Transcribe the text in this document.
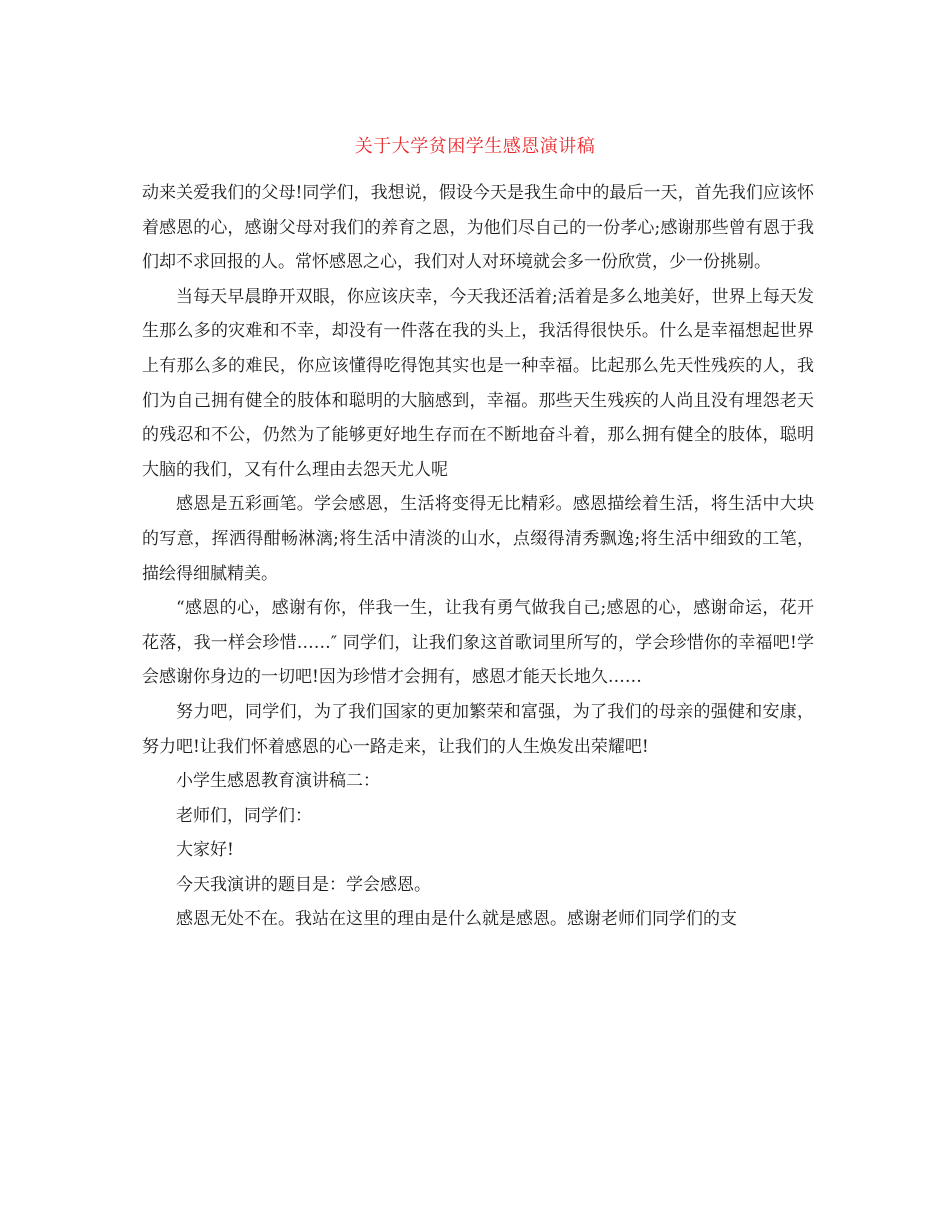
关于大学贫困学生感恩演讲稿

动来关爱我们的父母!同学们，我想说，假设今天是我生命中的最后一天，首先我们应该怀着感恩的心，感谢父母对我们的养育之恩，为他们尽自己的一份孝心;感谢那些曾有恩于我们却不求回报的人。常怀感恩之心，我们对人对环境就会多一份欣赏，少一份挑剔。

当每天早晨睁开双眼，你应该庆幸，今天我还活着;活着是多么地美好，世界上每天发生那么多的灾难和不幸，却没有一件落在我的头上，我活得很快乐。什么是幸福想起世界上有那么多的难民，你应该懂得吃得饱其实也是一种幸福。比起那么先天性残疾的人，我们为自己拥有健全的肢体和聪明的大脑感到，幸福。那些天生残疾的人尚且没有埋怨老天的残忍和不公，仍然为了能够更好地生存而在不断地奋斗着，那么拥有健全的肢体，聪明大脑的我们，又有什么理由去怨天尤人呢

感恩是五彩画笔。学会感恩，生活将变得无比精彩。感恩描绘着生活，将生活中大块的写意，挥洒得酣畅淋漓;将生活中清淡的山水，点缀得清秀飘逸;将生活中细致的工笔，描绘得细腻精美。

“感恩的心，感谢有你，伴我一生，让我有勇气做我自己;感恩的心，感谢命运，花开花落，我一样会珍惜……″ 同学们，让我们象这首歌词里所写的，学会珍惜你的幸福吧!学会感谢你身边的一切吧!因为珍惜才会拥有，感恩才能天长地久……

努力吧，同学们，为了我们国家的更加繁荣和富强，为了我们的母亲的强健和安康，努力吧!让我们怀着感恩的心一路走来，让我们的人生焕发出荣耀吧!

小学生感恩教育演讲稿二：

老师们，同学们：

大家好!

今天我演讲的题目是：学会感恩。

感恩无处不在。我站在这里的理由是什么就是感恩。感谢老师们同学们的支
